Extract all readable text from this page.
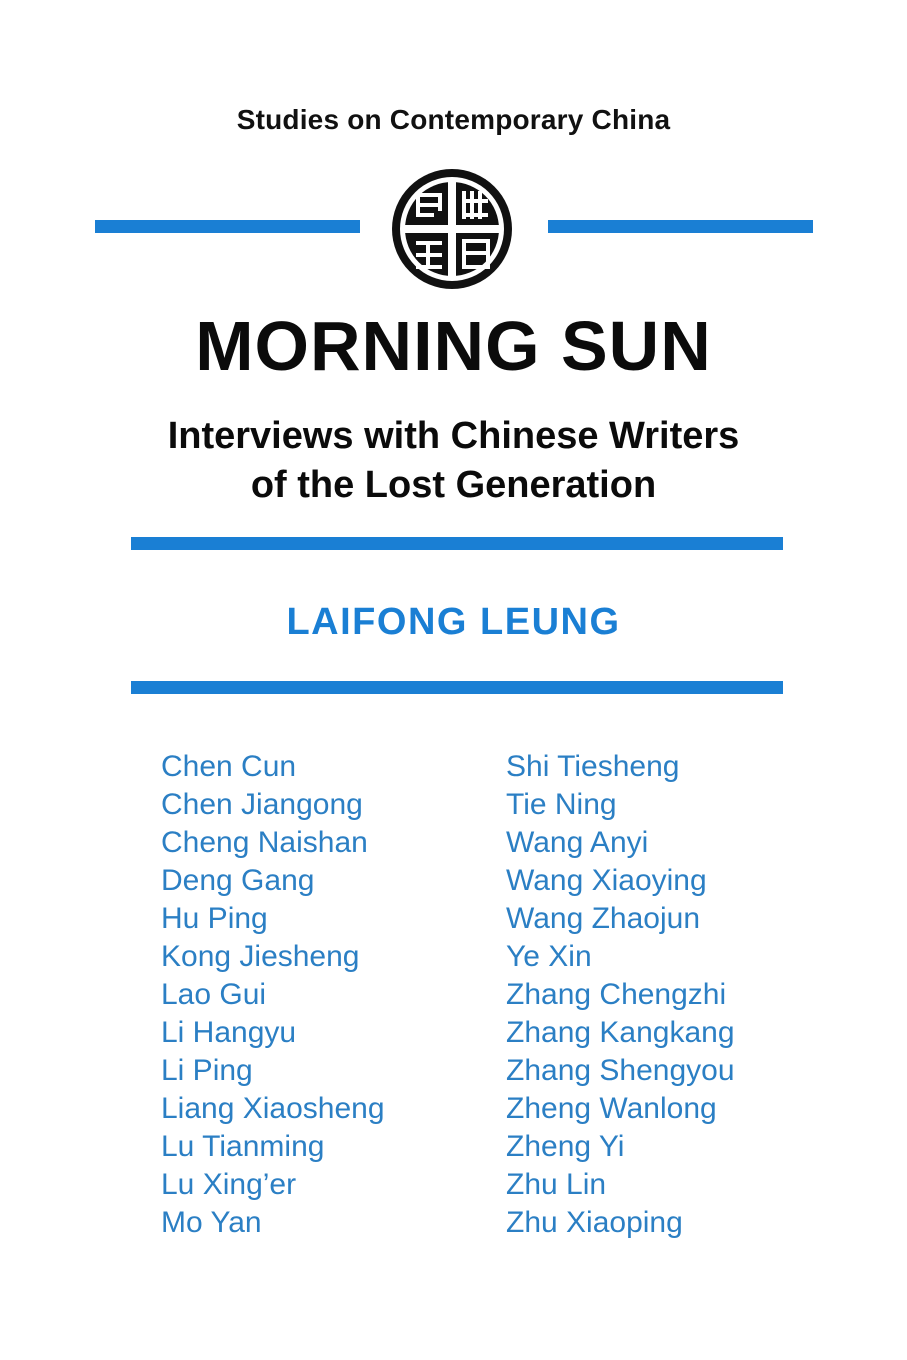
Studies on Contemporary China
MORNING SUN
Interviews with Chinese Writers
of the Lost Generation
LAIFONG LEUNG
Chen Cun
Chen Jiangong
Cheng Naishan
Deng Gang
Hu Ping
Kong Jiesheng
Lao Gui
Li Hangyu
Li Ping
Liang Xiaosheng
Lu Tianming
Lu Xing’er
Mo Yan
Shi Tiesheng
Tie Ning
Wang Anyi
Wang Xiaoying
Wang Zhaojun
Ye Xin
Zhang Chengzhi
Zhang Kangkang
Zhang Shengyou
Zheng Wanlong
Zheng Yi
Zhu Lin
Zhu Xiaoping
